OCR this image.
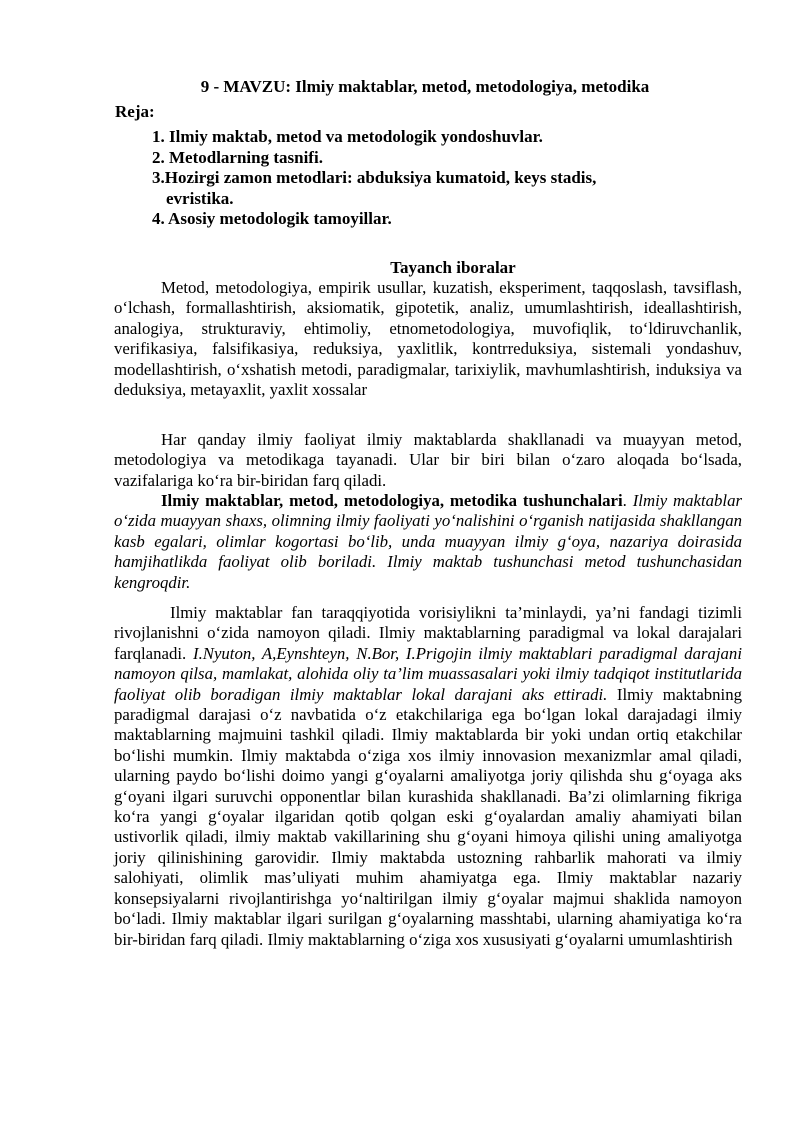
9 - MAVZU: Ilmiy maktablar, metod, metodologiya, metodika
Reja:
1. Ilmiy maktab, metod va metodologik yondoshuvlar.
2. Metodlarning tasnifi.
3.Hozirgi zamon metodlari: abduksiya kumatoid, keys stadis,
evristika.
4. Asosiy metodologik tamoyillar.
Tayanch iboralar
Metod, metodologiya, empirik usullar, kuzatish, eksperiment, taqqoslash, tavsiflash, o‘lchash, formallashtirish, aksiomatik, gipotetik, analiz, umumlashtirish, ideallashtirish, analogiya, strukturaviy, ehtimoliy, etnometodologiya, muvofiqlik, to‘ldiruvchanlik, verifikasiya, falsifikasiya, reduksiya, yaxlitlik, kontrreduksiya, sistemali yondashuv, modellashtirish, o‘xshatish metodi, paradigmalar, tarixiylik, mavhumlashtirish, induksiya va deduksiya, metayaxlit, yaxlit xossalar
Har qanday ilmiy faoliyat ilmiy maktablarda shakllanadi va muayyan metod, metodologiya va metodikaga tayanadi. Ular bir biri bilan o‘zaro aloqada bo‘lsada, vazifalariga ko‘ra bir-biridan farq qiladi.
Ilmiy maktablar, metod, metodologiya, metodika tushunchalari. Ilmiy maktablar o‘zida muayyan shaxs, olimning ilmiy faoliyati yo‘nalishini o‘rganish natijasida shakllangan kasb egalari, olimlar kogortasi bo‘lib, unda muayyan ilmiy g‘oya, nazariya doirasida hamjihatlikda faoliyat olib boriladi. Ilmiy maktab tushunchasi metod tushunchasidan kengroqdir.
Ilmiy maktablar fan taraqqiyotida vorisiylikni ta’minlaydi, ya’ni fandagi tizimli rivojlanishni o‘zida namoyon qiladi. Ilmiy maktablarning paradigmal va lokal darajalari farqlanadi. I.Nyuton, A,Eynshteyn, N.Bor, I.Prigojin ilmiy maktablari paradigmal darajani namoyon qilsa, mamlakat, alohida oliy ta’lim muassasalari yoki ilmiy tadqiqot institutlarida faoliyat olib boradigan ilmiy maktablar lokal darajani aks ettiradi. Ilmiy maktabning paradigmal darajasi o‘z navbatida o‘z etakchilariga ega bo‘lgan lokal darajadagi ilmiy maktablarning majmuini tashkil qiladi. Ilmiy maktablarda bir yoki undan ortiq etakchilar bo‘lishi mumkin. Ilmiy maktabda o‘ziga xos ilmiy innovasion mexanizmlar amal qiladi, ularning paydo bo‘lishi doimo yangi g‘oyalarni amaliyotga joriy qilishda shu g‘oyaga aks g‘oyani ilgari suruvchi opponentlar bilan kurashida shakllanadi. Ba’zi olimlarning fikriga ko‘ra yangi g‘oyalar ilgaridan qotib qolgan eski g‘oyalardan amaliy ahamiyati bilan ustivorlik qiladi, ilmiy maktab vakillarining shu g‘oyani himoya qilishi uning amaliyotga joriy qilinishining garovidir. Ilmiy maktabda ustozning rahbarlik mahorati va ilmiy salohiyati, olimlik mas’uliyati muhim ahamiyatga ega. Ilmiy maktablar nazariy konsepsiyalarni rivojlantirishga yo‘naltirilgan ilmiy g‘oyalar majmui shaklida namoyon bo‘ladi. Ilmiy maktablar ilgari surilgan g‘oyalarning masshtabi, ularning ahamiyatiga ko‘ra bir-biridan farq qiladi. Ilmiy maktablarning o‘ziga xos xususiyati g‘oyalarni umumlashtirish
